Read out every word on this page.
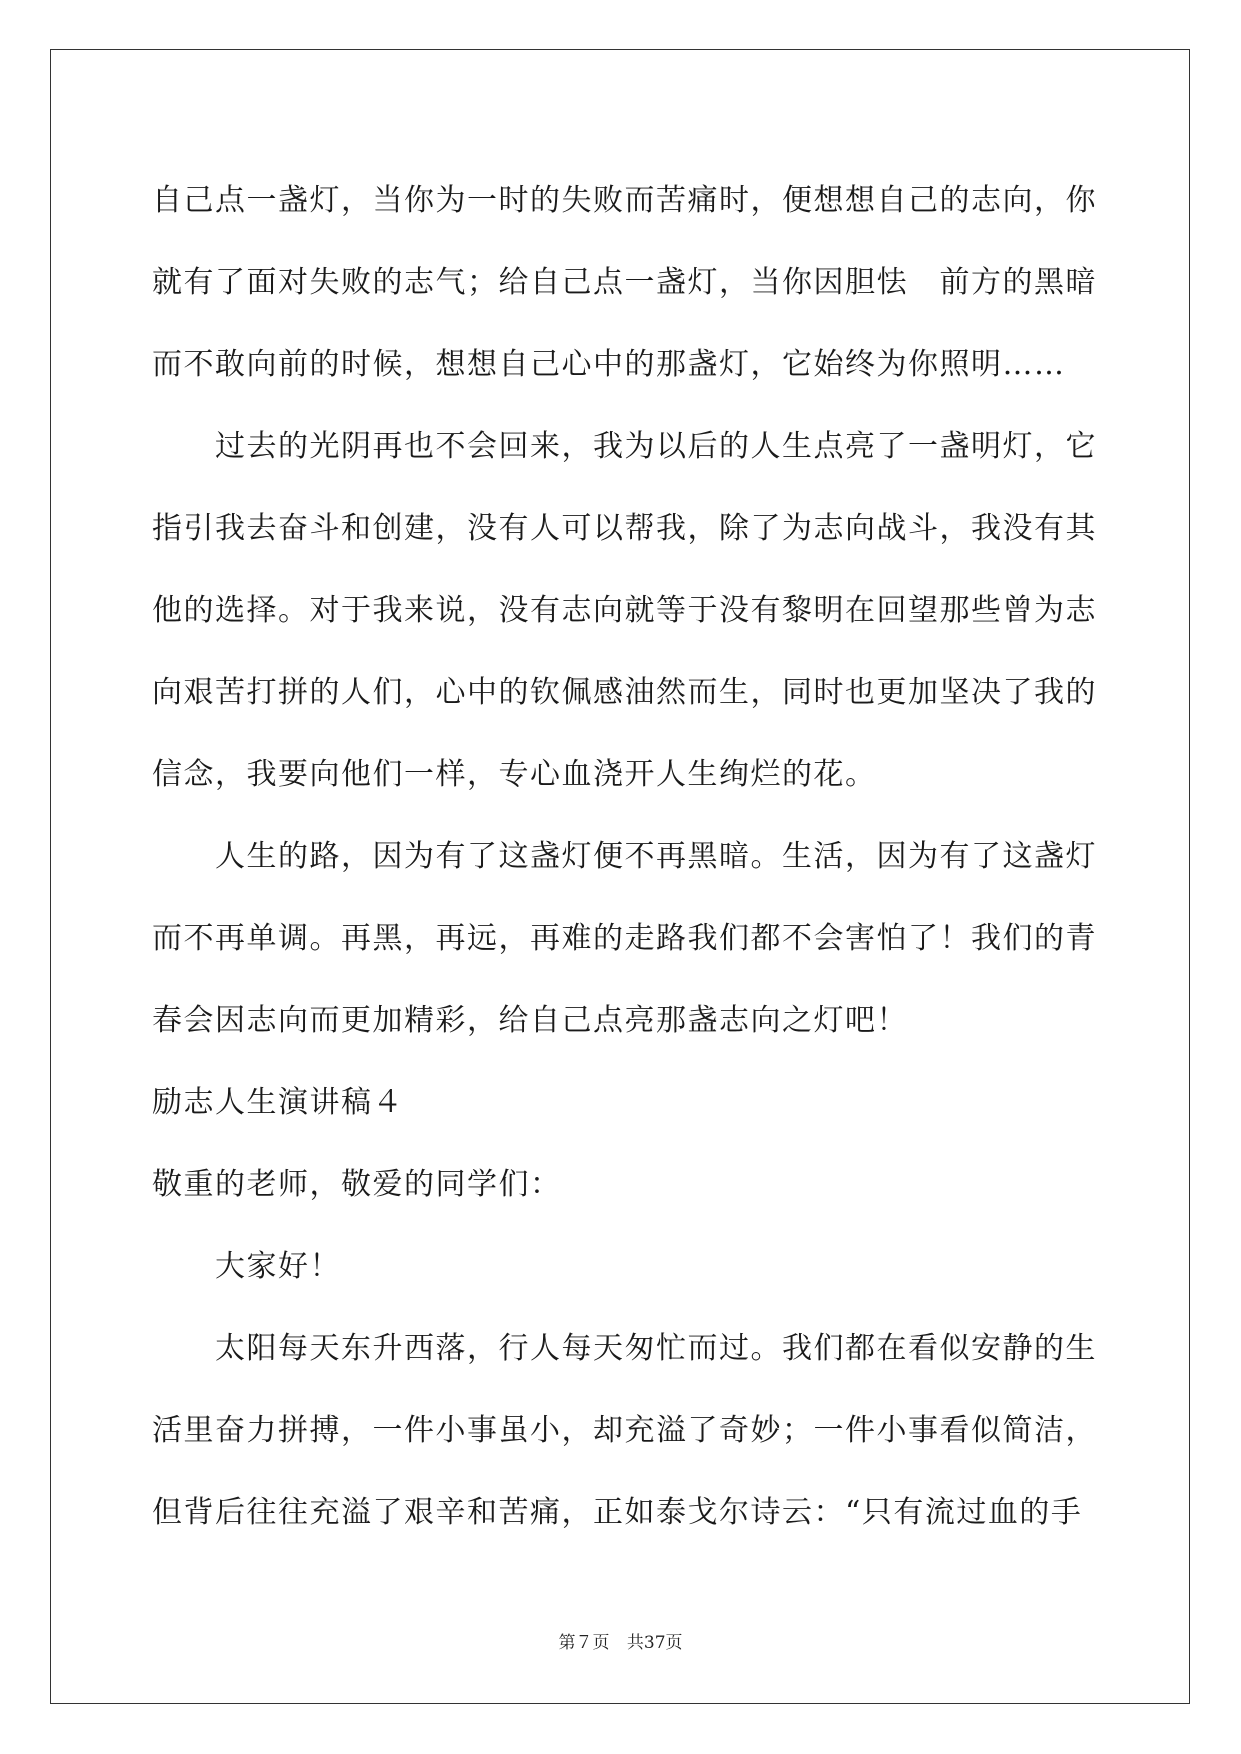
自己点一盏灯，当你为一时的失败而苦痛时，便想想自己的志向，你
就有了面对失败的志气；给自己点一盏灯，当你因胆怯　前方的黑暗
而不敢向前的时候，想想自己心中的那盏灯，它始终为你照明……
过去的光阴再也不会回来，我为以后的人生点亮了一盏明灯，它
指引我去奋斗和创建，没有人可以帮我，除了为志向战斗，我没有其
他的选择。对于我来说，没有志向就等于没有黎明在回望那些曾为志
向艰苦打拼的人们，心中的钦佩感油然而生，同时也更加坚决了我的
信念，我要向他们一样，专心血浇开人生绚烂的花。
人生的路，因为有了这盏灯便不再黑暗。生活，因为有了这盏灯
而不再单调。再黑，再远，再难的走路我们都不会害怕了！我们的青
春会因志向而更加精彩，给自己点亮那盏志向之灯吧！
励志人生演讲稿４
敬重的老师，敬爱的同学们：
大家好！
太阳每天东升西落，行人每天匆忙而过。我们都在看似安静的生
活里奋力拼搏，一件小事虽小，却充溢了奇妙；一件小事看似简洁，
但背后往往充溢了艰辛和苦痛，正如泰戈尔诗云：“只有流过血的手
第７页 共37页
